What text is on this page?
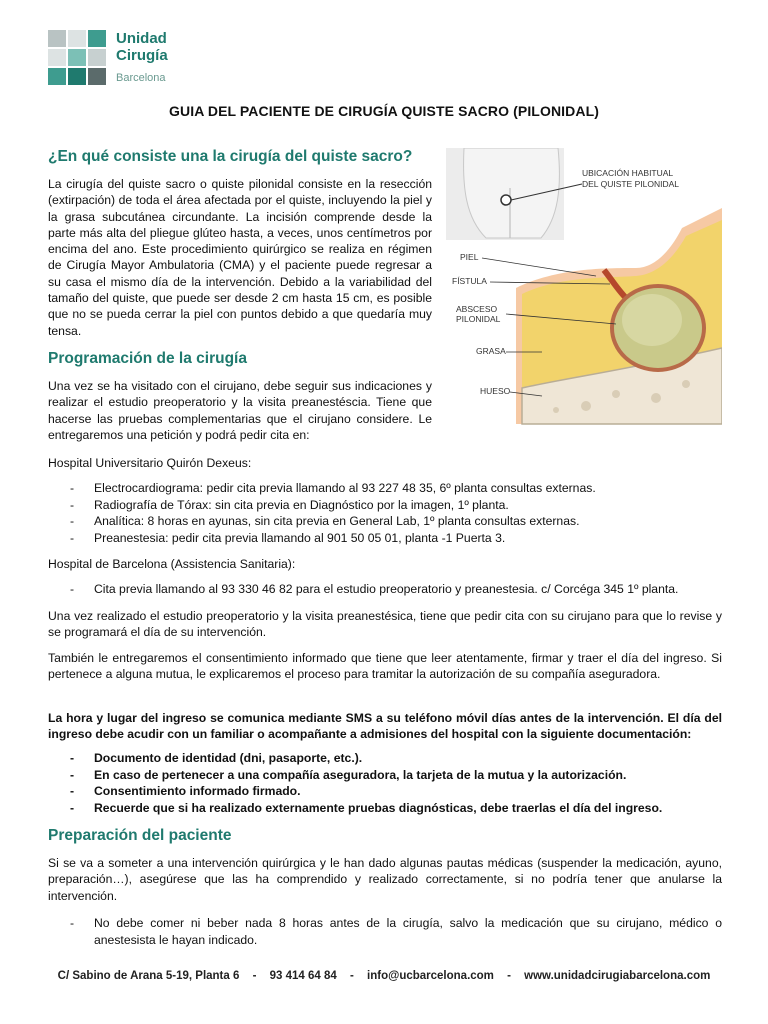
Unidad
Cirugía
Barcelona
GUIA DEL PACIENTE DE CIRUGÍA QUISTE SACRO (PILONIDAL)
¿En qué consiste una la cirugía del quiste sacro?

La cirugía del quiste sacro o quiste pilonidal consiste en la resección (extirpación) de toda el área afectada por el quiste, incluyendo la piel y la grasa subcutánea circundante. La incisión comprende desde la parte más alta del pliegue glúteo hasta, a veces, unos centímetros por encima del ano. Este procedimiento quirúrgico se realiza en régimen de Cirugía Mayor Ambulatoria (CMA) y el paciente puede regresar a su casa el mismo día de la intervención. Debido a la variabilidad del tamaño del quiste, que puede ser desde 2 cm hasta 15 cm, es posible que no se pueda cerrar la piel con puntos debido a que quedaría muy tensa.

UBICACIÓN HABITUAL DEL QUISTE PILONIDAL
PIEL
FÍSTULA
ABSCESO PILONIDAL
GRASA
HUESO
Programación de la cirugía

Una vez se ha visitado con el cirujano, debe seguir sus indicaciones y realizar el estudio preoperatorio y la visita preanestéscia. Tiene que hacerse las pruebas complementarias que el cirujano considere. Le entregaremos una petición y podrá pedir cita en:

Hospital Universitario Quirón Dexeus:

- Electrocardiograma: pedir cita previa llamando al 93 227 48 35, 6º planta consultas externas.
- Radiografía de Tórax: sin cita previa en Diagnóstico por la imagen, 1º planta.
- Analítica: 8 horas en ayunas, sin cita previa en General Lab, 1º planta consultas externas.
- Preanestesia: pedir cita previa llamando al 901 50 05 01, planta -1 Puerta 3.

Hospital de Barcelona (Assistencia Sanitaria):

- Cita previa llamando al 93 330 46 82 para el estudio preoperatorio y preanestesia. c/ Corcéga 345 1º planta.

Una vez realizado el estudio preoperatorio y la visita preanestésica, tiene que pedir cita con su cirujano para que lo revise y se programará el día de su intervención.

También le entregaremos el consentimiento informado que tiene que leer atentamente, firmar y traer el día del ingreso. Si pertenece a alguna mutua, le explicaremos el proceso para tramitar la autorización de su compañía aseguradora.

La hora y lugar del ingreso se comunica mediante SMS a su teléfono móvil días antes de la intervención. El día del ingreso debe acudir con un familiar o acompañante a admisiones del hospital con la siguiente documentación:

- Documento de identidad (dni, pasaporte, etc.).
- En caso de pertenecer a una compañía aseguradora, la tarjeta de la mutua y la autorización.
- Consentimiento informado firmado.
- Recuerde que si ha realizado externamente pruebas diagnósticas, debe traerlas el día del ingreso.
Preparación del paciente

Si se va a someter a una intervención quirúrgica y le han dado algunas pautas médicas (suspender la medicación, ayuno, preparación…), asegúrese que las ha comprendido y realizado correctamente, si no podría tener que anularse la intervención.

- No debe comer ni beber nada 8 horas antes de la cirugía, salvo la medicación que su cirujano, médico o anestesista le hayan indicado.
C/ Sabino de Arana 5-19, Planta 6 - 93 414 64 84 - info@ucbarcelona.com - www.unidadcirugiabarcelona.com
